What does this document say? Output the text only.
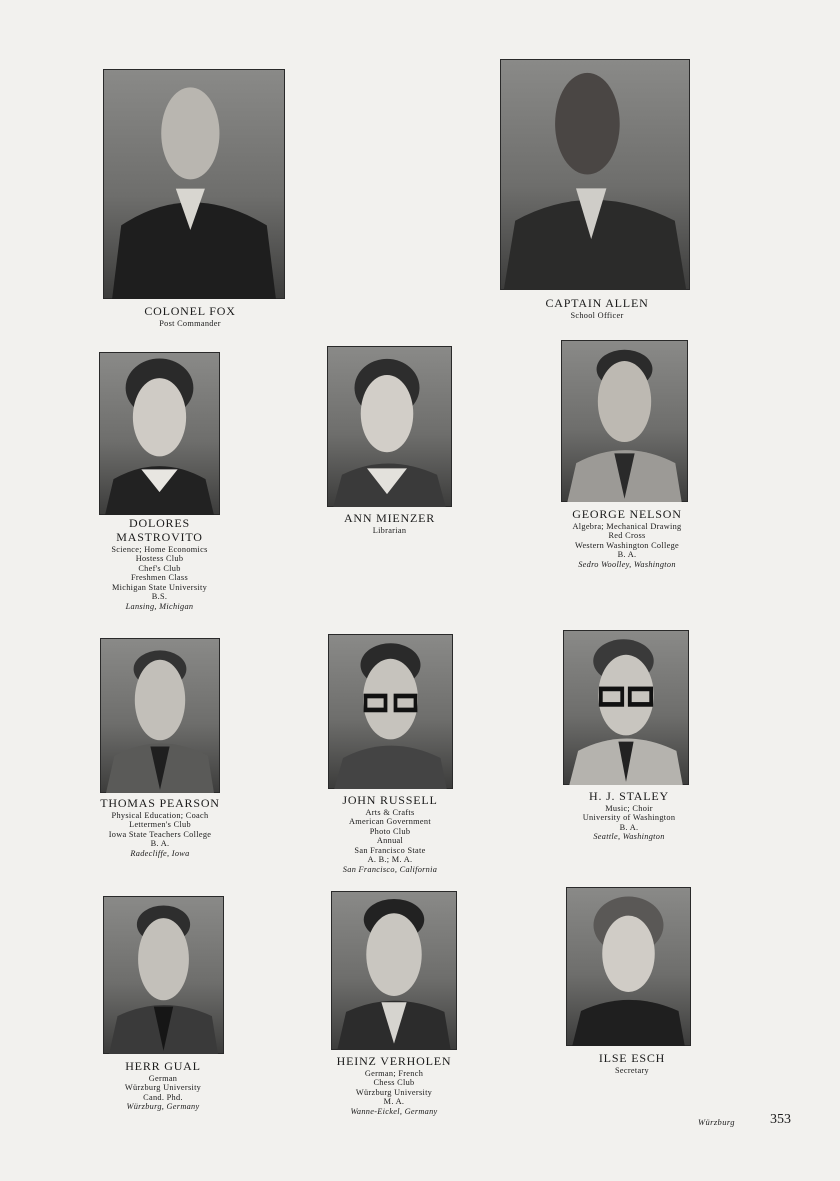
COLONEL FOX
Post Commander
CAPTAIN ALLEN
School Officer
DOLORES
MASTROVITO
Science; Home Economics
Hostess Club
Chef's Club
Freshmen Class
Michigan State University
B.S.
Lansing, Michigan
ANN MIENZER
Librarian
GEORGE NELSON
Algebra; Mechanical Drawing
Red Cross
Western Washington College
B. A.
Sedro Woolley, Washington
THOMAS PEARSON
Physical Education; Coach
Lettermen's Club
Iowa State Teachers College
B. A.
Radecliffe, Iowa
JOHN RUSSELL
Arts & Crafts
American Government
Photo Club
Annual
San Francisco State
A. B.; M. A.
San Francisco, California
H. J. STALEY
Music; Choir
University of Washington
B. A.
Seattle, Washington
HERR GUAL
German
Würzburg University
Cand. Phd.
Würzburg, Germany
HEINZ VERHOLEN
German; French
Chess Club
Würzburg University
M. A.
Wanne-Eickel, Germany
ILSE ESCH
Secretary
Würzburg	353
